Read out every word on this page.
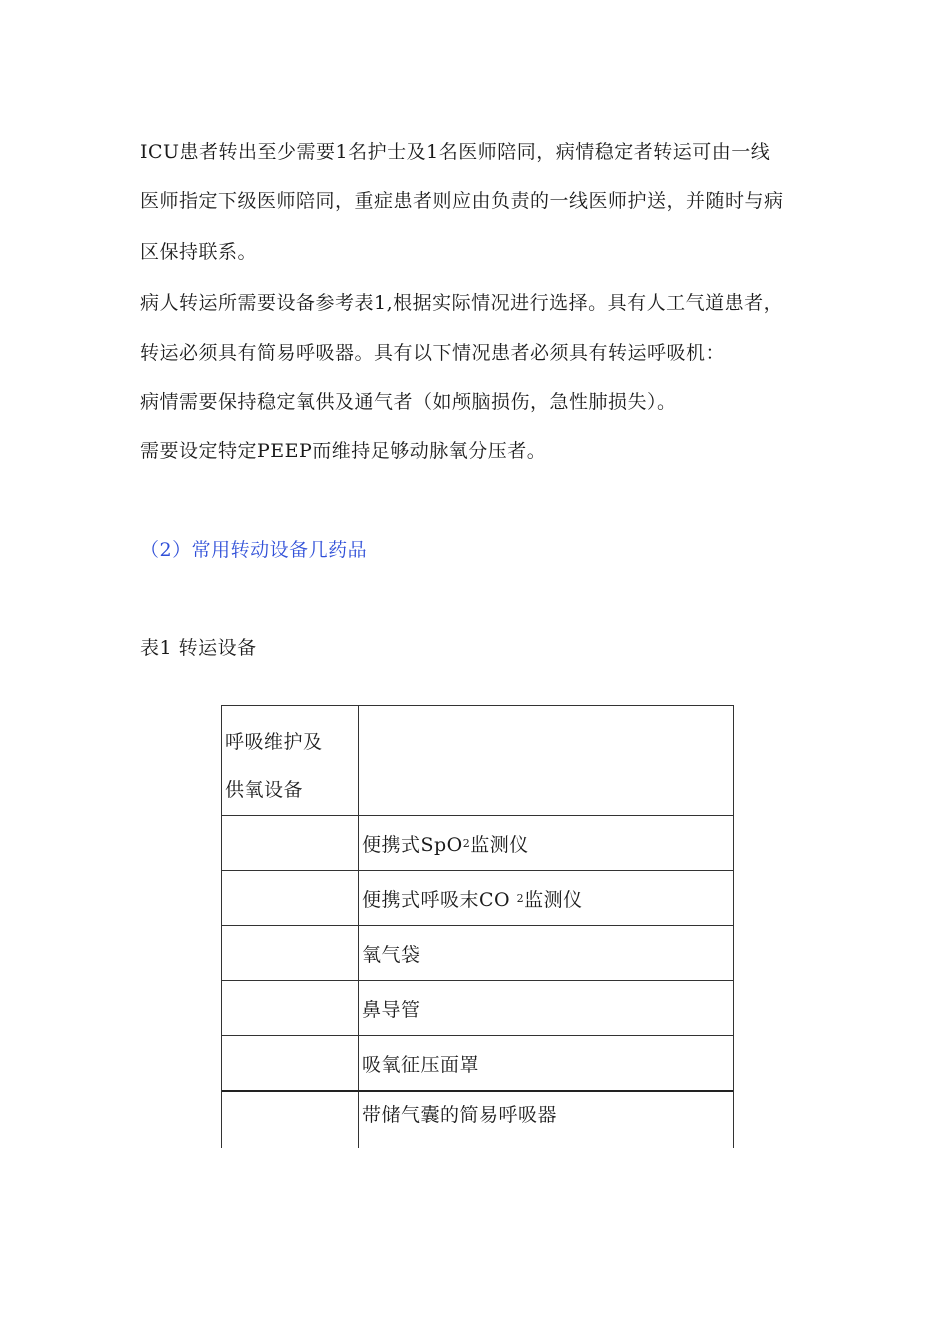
ICU患者转出至少需要1名护士及1名医师陪同，病情稳定者转运可由一线
医师指定下级医师陪同，重症患者则应由负责的一线医师护送，并随时与病
区保持联系。
病人转运所需要设备参考表1,根据实际情况进行选择。具有人工气道患者，
转运必须具有简易呼吸器。具有以下情况患者必须具有转运呼吸机：
病情需要保持稳定氧供及通气者（如颅脑损伤，急性肺损失）。
需要设定特定PEEP而维持足够动脉氧分压者。
（2）常用转动设备几药品
表1 转运设备
呼吸维护及
供氧设备
便携式SpO 2 监测仪
便携式呼吸末CO 2 监测仪
氧气袋
鼻导管
吸氧征压面罩
带储气囊的简易呼吸器
